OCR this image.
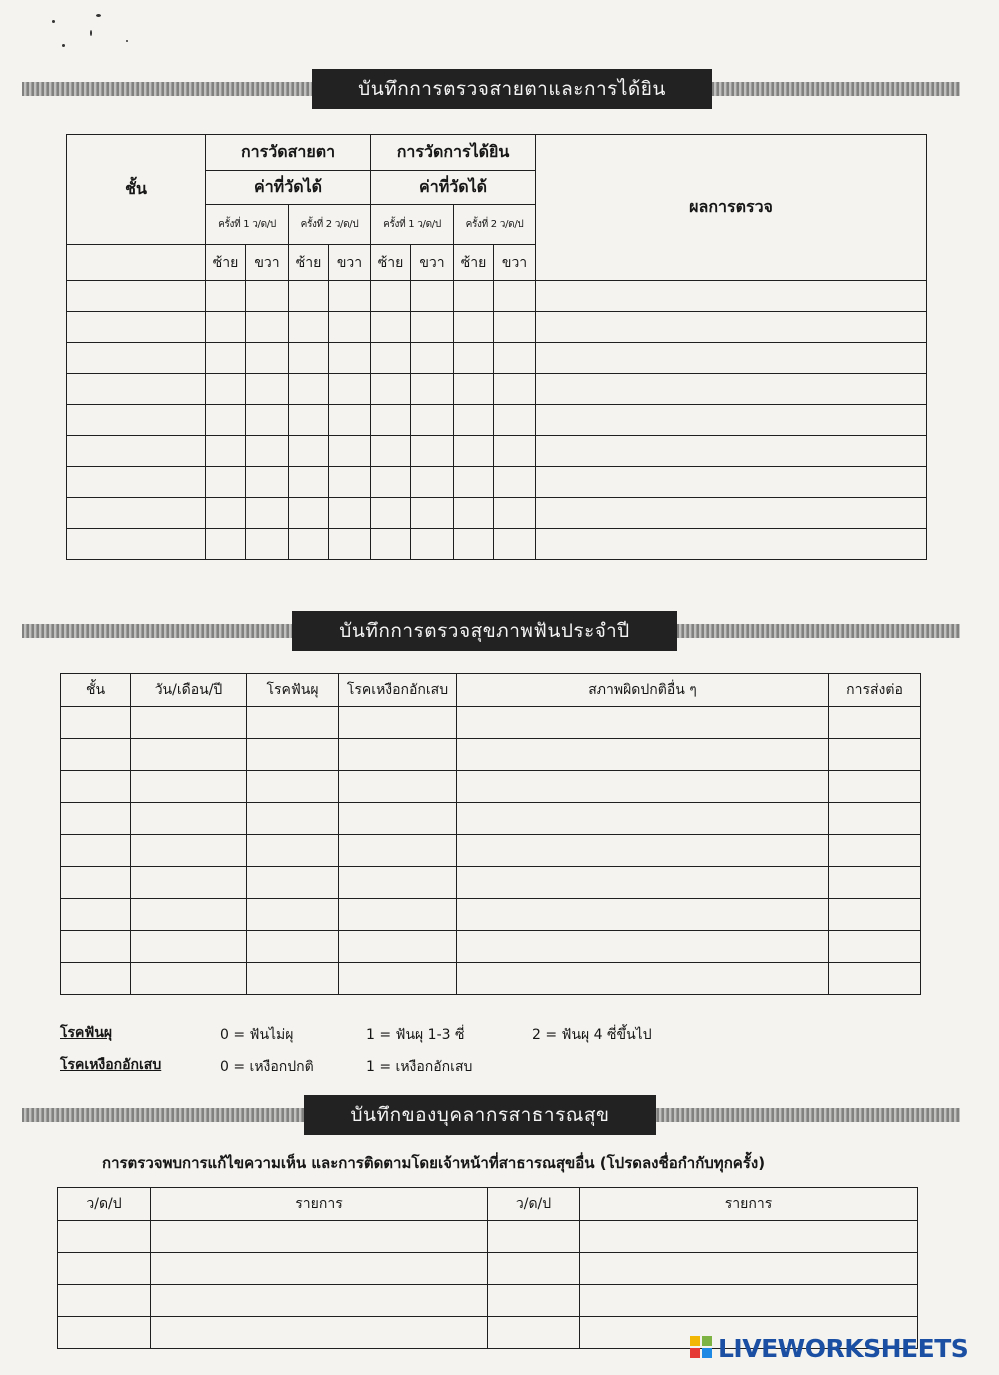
บันทึกการตรวจสายตาและการได้ยิน
ชั้น	การวัดสายตา				การวัดการได้ยิน				ผลการตรวจ
	ค่าที่วัดได้				ค่าที่วัดได้				
	ครั้งที่ 1 ว/ด/ป		ครั้งที่ 2 ว/ด/ป		ครั้งที่ 1 ว/ด/ป		ครั้งที่ 2 ว/ด/ป		
	ซ้าย	ขวา	ซ้าย	ขวา	ซ้าย	ขวา	ซ้าย	ขวา	

บันทึกการตรวจสุขภาพฟันประจำปี
ชั้น	วัน/เดือน/ปี	โรคฟันผุ	โรคเหงือกอักเสบ	สภาพผิดปกติอื่น ๆ	การส่งต่อ

โรคฟันผุ	0 = ฟันไม่ผุ	1 = ฟันผุ 1-3 ซี่	2 = ฟันผุ 4 ซี่ขึ้นไป
โรคเหงือกอักเสบ	0 = เหงือกปกติ	1 = เหงือกอักเสบ
บันทึกของบุคลากรสาธารณสุข
การตรวจพบการแก้ไขความเห็น และการติดตามโดยเจ้าหน้าที่สาธารณสุขอื่น (โปรดลงชื่อกำกับทุกครั้ง)
ว/ด/ป	รายการ	ว/ด/ป	รายการ

LIVEWORKSHEETS
